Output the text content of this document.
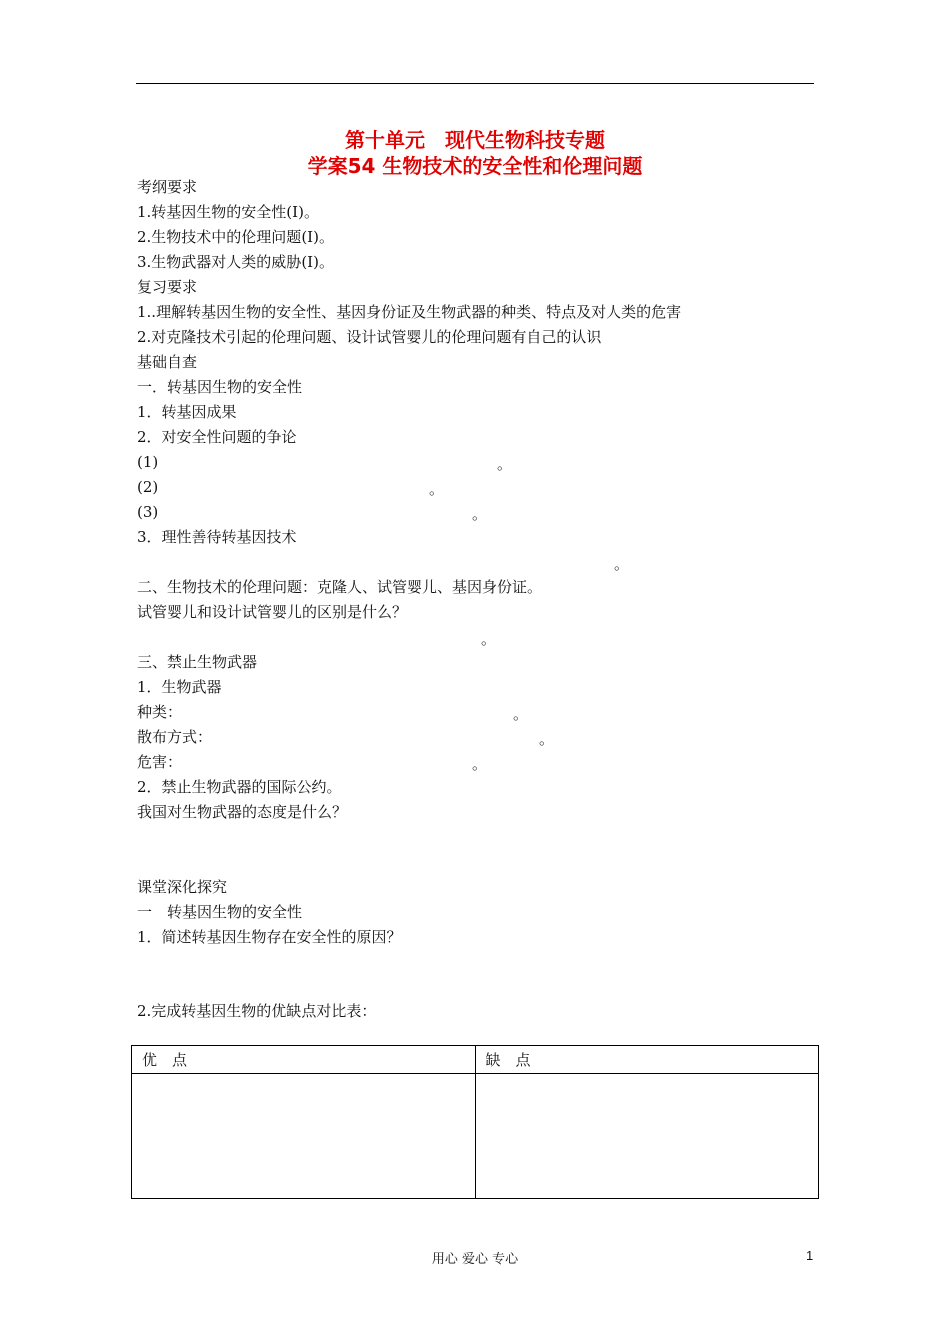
第十单元　现代生物科技专题
学案54 生物技术的安全性和伦理问题
考纲要求
1.转基因生物的安全性(Ⅰ)。
2.生物技术中的伦理问题(Ⅰ)。
3.生物武器对人类的威胁(Ⅰ)。
复习要求
1..理解转基因生物的安全性、基因身份证及生物武器的种类、特点及对人类的危害
2.对克隆技术引起的伦理问题、设计试管婴儿的伦理问题有自己的认识
基础自查
一．转基因生物的安全性
1．转基因成果
2．对安全性问题的争论
(1)	。
(2)	。
(3)	。
3．理性善待转基因技术
。
二、生物技术的伦理问题：克隆人、试管婴儿、基因身份证。
试管婴儿和设计试管婴儿的区别是什么？
。
三、禁止生物武器
1．生物武器
种类：	。
散布方式：	。
危害：	。
2．禁止生物武器的国际公约。
我国对生物武器的态度是什么？
课堂深化探究
一　转基因生物的安全性
1．简述转基因生物存在安全性的原因？
2.完成转基因生物的优缺点对比表：
优　点	缺　点

用心 爱心 专心	1
